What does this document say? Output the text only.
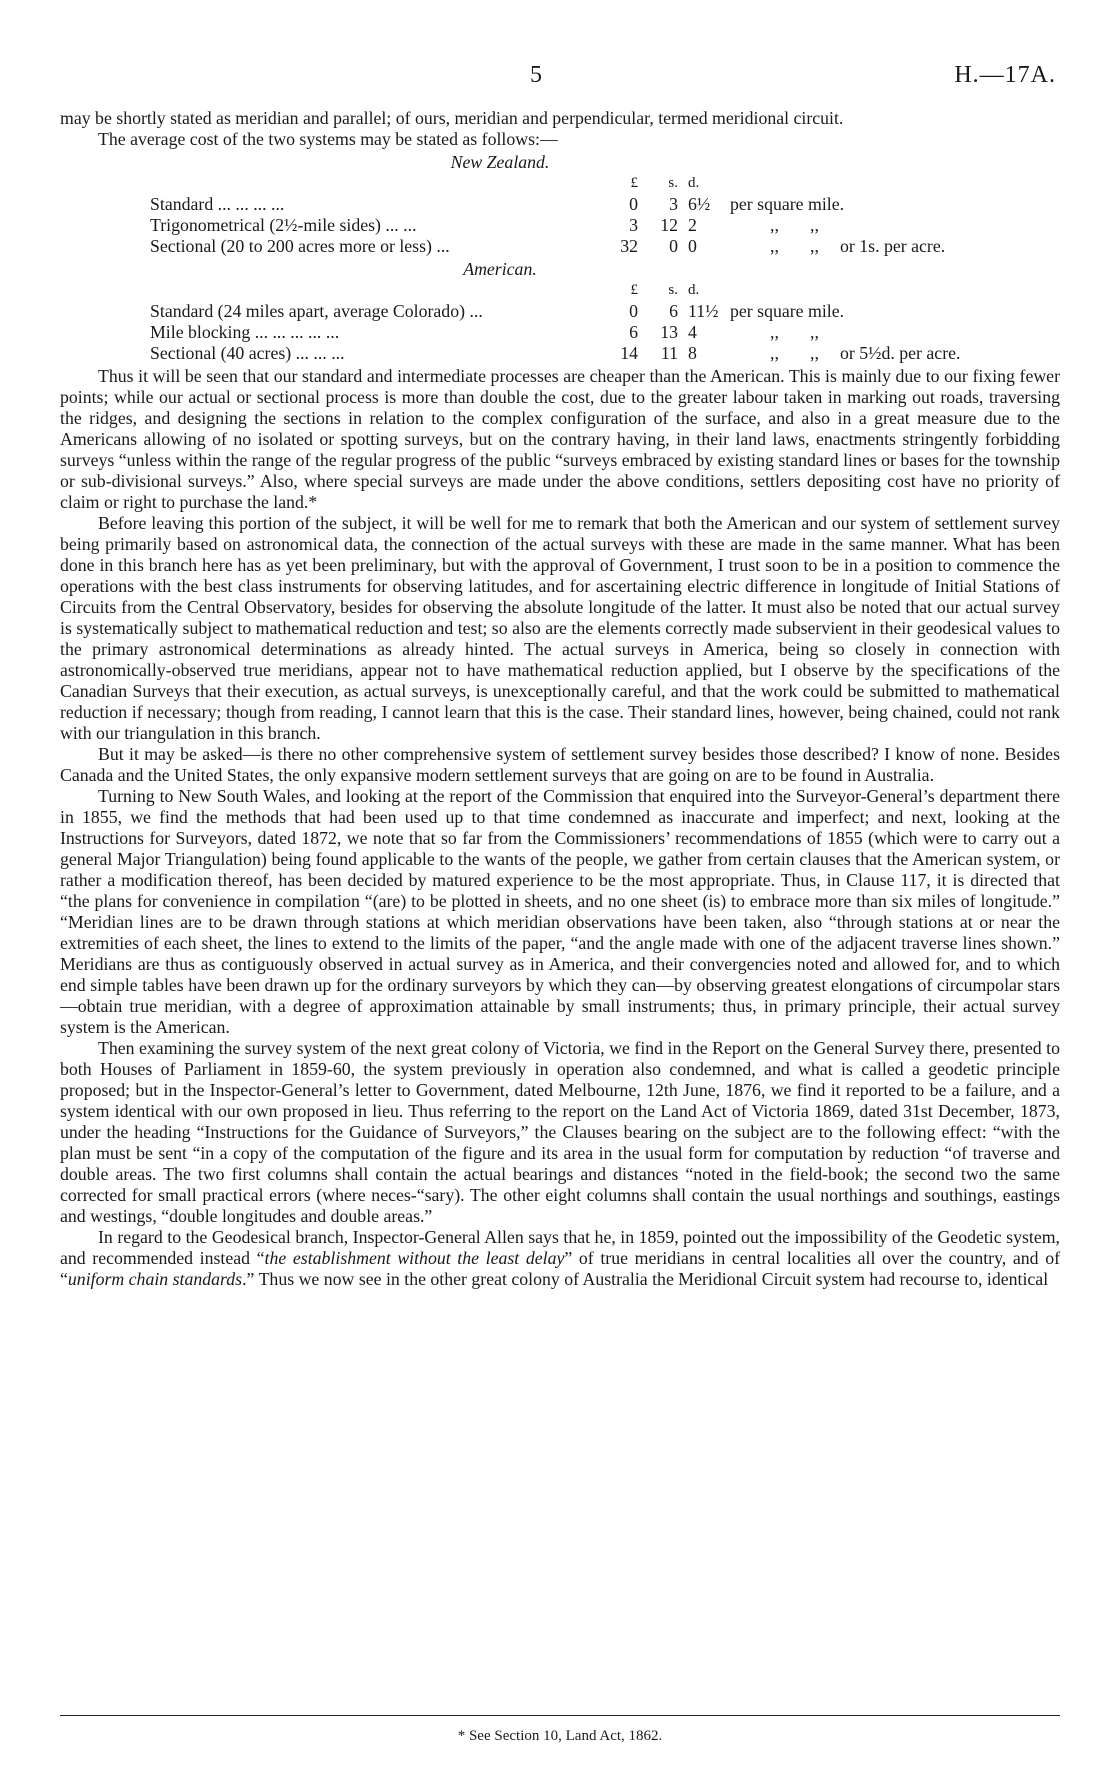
5	H.—17A.

may be shortly stated as meridian and parallel; of ours, meridian and perpendicular, termed meridional circuit.

The average cost of the two systems may be stated as follows:—

New Zealand.
£	s. d.
Standard ... ... ... ...	0	3 6½	per square mile.
Trigonometrical (2½-mile sides) ... ...	3	12 2	,,	,,
Sectional (20 to 200 acres more or less) ...	32	0 0	,,	,,	or 1s. per acre.
American.
£	s. d.
Standard (24 miles apart, average Colorado) ...	0	6 11½ per square mile.
Mile blocking ... ... ... ... ...	6	13 4	,,	,,
Sectional (40 acres) ... ... ...	14	11 8	,,	,,	or 5½d. per acre.

Thus it will be seen that our standard and intermediate processes are cheaper than the American. This is mainly due to our fixing fewer points; while our actual or sectional process is more than double the cost, due to the greater labour taken in marking out roads, traversing the ridges, and designing the sections in relation to the complex configuration of the surface, and also in a great measure due to the Americans allowing of no isolated or spotting surveys, but on the contrary having, in their land laws, enactments stringently forbidding surveys “unless within the range of the regular progress of the public “surveys embraced by existing standard lines or bases for the township or sub-divisional surveys.” Also, where special surveys are made under the above conditions, settlers depositing cost have no priority of claim or right to purchase the land.*

Before leaving this portion of the subject, it will be well for me to remark that both the American and our system of settlement survey being primarily based on astronomical data, the connection of the actual surveys with these are made in the same manner. What has been done in this branch here has as yet been preliminary, but with the approval of Government, I trust soon to be in a position to commence the operations with the best class instruments for observing latitudes, and for ascertaining electric difference in longitude of Initial Stations of Circuits from the Central Observatory, besides for observing the absolute longitude of the latter. It must also be noted that our actual survey is systematically subject to mathematical reduction and test; so also are the elements correctly made subservient in their geodesical values to the primary astronomical determinations as already hinted. The actual surveys in America, being so closely in connection with astronomically-observed true meridians, appear not to have mathematical reduction applied, but I observe by the specifications of the Canadian Surveys that their execution, as actual surveys, is unexceptionally careful, and that the work could be submitted to mathematical reduction if necessary; though from reading, I cannot learn that this is the case. Their standard lines, however, being chained, could not rank with our triangulation in this branch.

But it may be asked—is there no other comprehensive system of settlement survey besides those described? I know of none. Besides Canada and the United States, the only expansive modern settlement surveys that are going on are to be found in Australia.

Turning to New South Wales, and looking at the report of the Commission that enquired into the Surveyor-General’s department there in 1855, we find the methods that had been used up to that time condemned as inaccurate and imperfect; and next, looking at the Instructions for Surveyors, dated 1872, we note that so far from the Commissioners’ recommendations of 1855 (which were to carry out a general Major Triangulation) being found applicable to the wants of the people, we gather from certain clauses that the American system, or rather a modification thereof, has been decided by matured experience to be the most appropriate. Thus, in Clause 117, it is directed that “the plans for convenience in compilation “(are) to be plotted in sheets, and no one sheet (is) to embrace more than six miles of longitude.” “Meridian lines are to be drawn through stations at which meridian observations have been taken, also “through stations at or near the extremities of each sheet, the lines to extend to the limits of the paper, “and the angle made with one of the adjacent traverse lines shown.” Meridians are thus as contiguously observed in actual survey as in America, and their convergencies noted and allowed for, and to which end simple tables have been drawn up for the ordinary surveyors by which they can—by observing greatest elongations of circumpolar stars—obtain true meridian, with a degree of approximation attainable by small instruments; thus, in primary principle, their actual survey system is the American.

Then examining the survey system of the next great colony of Victoria, we find in the Report on the General Survey there, presented to both Houses of Parliament in 1859-60, the system previously in operation also condemned, and what is called a geodetic principle proposed; but in the Inspector-General’s letter to Government, dated Melbourne, 12th June, 1876, we find it reported to be a failure, and a system identical with our own proposed in lieu. Thus referring to the report on the Land Act of Victoria 1869, dated 31st December, 1873, under the heading “Instructions for the Guidance of Surveyors,” the Clauses bearing on the subject are to the following effect: “with the plan must be sent “in a copy of the computation of the figure and its area in the usual form for computation by reduction “of traverse and double areas. The two first columns shall contain the actual bearings and distances “noted in the field-book; the second two the same corrected for small practical errors (where neces-“sary). The other eight columns shall contain the usual northings and southings, eastings and westings, “double longitudes and double areas.”

In regard to the Geodesical branch, Inspector-General Allen says that he, in 1859, pointed out the impossibility of the Geodetic system, and recommended instead “the establishment without the least delay” of true meridians in central localities all over the country, and of “uniform chain standards.” Thus we now see in the other great colony of Australia the Meridional Circuit system had recourse to, identical

* See Section 10, Land Act, 1862.
